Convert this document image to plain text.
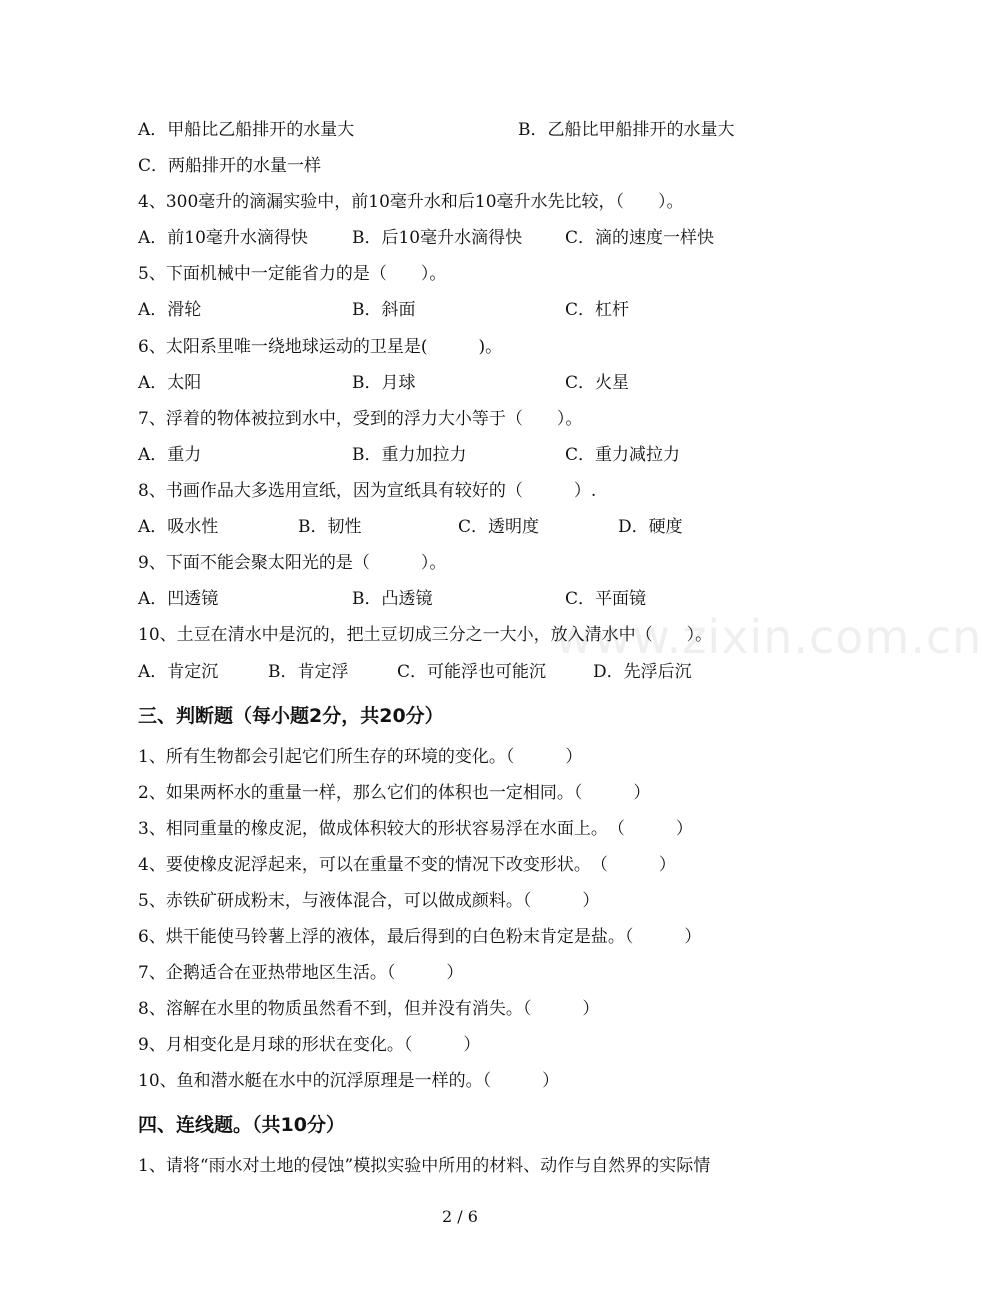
www.zixin.com.cn
A．甲船比乙船排开的水量大	B．乙船比甲船排开的水量大
C．两船排开的水量一样
4、300毫升的滴漏实验中，前10毫升水和后10毫升水先比较，（　　）。
A．前10毫升水滴得快	B．后10毫升水滴得快	C．滴的速度一样快
5、下面机械中一定能省力的是（　　）。
A．滑轮	B．斜面	C．杠杆
6、太阳系里唯一绕地球运动的卫星是(　　　)。
A．太阳	B．月球	C．火星
7、浮着的物体被拉到水中，受到的浮力大小等于（　　）。
A．重力	B．重力加拉力	C．重力减拉力
8、书画作品大多选用宣纸，因为宣纸具有较好的（　　　）.
A．吸水性	B．韧性	C．透明度	D．硬度
9、下面不能会聚太阳光的是（　　　）。
A．凹透镜	B．凸透镜	C．平面镜
10、土豆在清水中是沉的，把土豆切成三分之一大小，放入清水中（　　）。
A．肯定沉	B．肯定浮	C．可能浮也可能沉	D．先浮后沉
三、判断题（每小题2分，共20分）
1、所有生物都会引起它们所生存的环境的变化。（　　　）
2、如果两杯水的重量一样，那么它们的体积也一定相同。（　　　）
3、相同重量的橡皮泥，做成体积较大的形状容易浮在水面上。　（　　　）
4、要使橡皮泥浮起来，可以在重量不变的情况下改变形状。　（　　　）
5、赤铁矿研成粉末，与液体混合，可以做成颜料。（　　　）
6、烘干能使马铃薯上浮的液体，最后得到的白色粉末肯定是盐。（　　　）
7、企鹅适合在亚热带地区生活。（　　　）
8、溶解在水里的物质虽然看不到，但并没有消失。（　　　）
9、月相变化是月球的形状在变化。（　　　）
10、鱼和潜水艇在水中的沉浮原理是一样的。（　　　）
四、连线题。（共10分）
1、请将“雨水对土地的侵蚀”模拟实验中所用的材料、动作与自然界的实际情
2 / 6
